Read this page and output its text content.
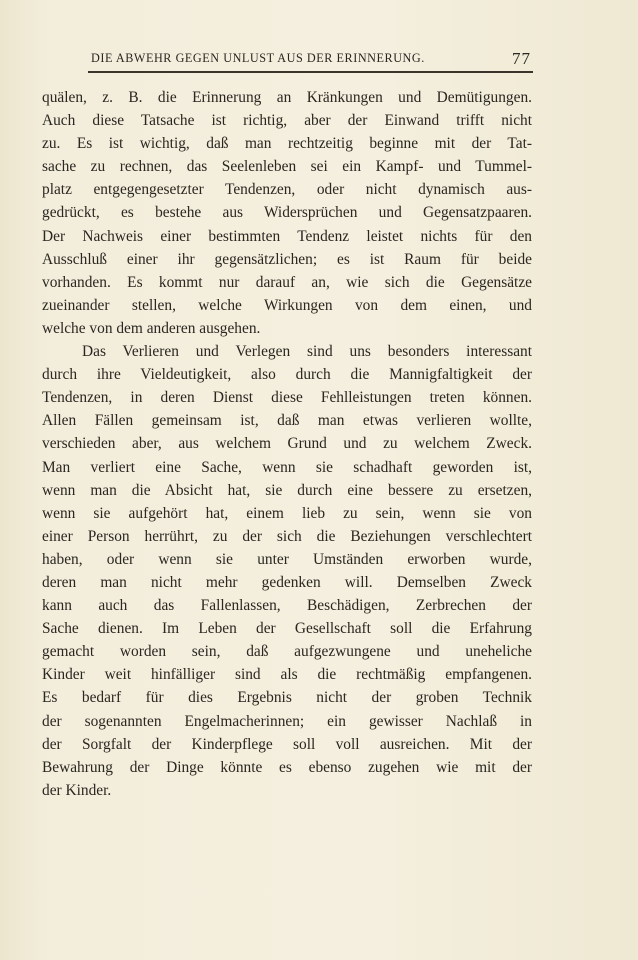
DIE ABWEHR GEGEN UNLUST AUS DER ERINNERUNG.	77
quälen, z. B. die Erinnerung an Kränkungen und Demütigungen.
Auch diese Tatsache ist richtig, aber der Einwand trifft nicht
zu. Es ist wichtig, daß man rechtzeitig beginne mit der Tat-
sache zu rechnen, das Seelenleben sei ein Kampf- und Tummel-
platz entgegengesetzter Tendenzen, oder nicht dynamisch aus-
gedrückt, es bestehe aus Widersprüchen und Gegensatzpaaren.
Der Nachweis einer bestimmten Tendenz leistet nichts für den
Ausschluß einer ihr gegensätzlichen; es ist Raum für beide
vorhanden. Es kommt nur darauf an, wie sich die Gegensätze
zueinander stellen, welche Wirkungen von dem einen, und
welche von dem anderen ausgehen.
Das Verlieren und Verlegen sind uns besonders interessant
durch ihre Vieldeutigkeit, also durch die Mannigfaltigkeit der
Tendenzen, in deren Dienst diese Fehlleistungen treten können.
Allen Fällen gemeinsam ist, daß man etwas verlieren wollte,
verschieden aber, aus welchem Grund und zu welchem Zweck.
Man verliert eine Sache, wenn sie schadhaft geworden ist,
wenn man die Absicht hat, sie durch eine bessere zu ersetzen,
wenn sie aufgehört hat, einem lieb zu sein, wenn sie von
einer Person herrührt, zu der sich die Beziehungen verschlechtert
haben, oder wenn sie unter Umständen erworben wurde,
deren man nicht mehr gedenken will. Demselben Zweck
kann auch das Fallenlassen, Beschädigen, Zerbrechen der
Sache dienen. Im Leben der Gesellschaft soll die Erfahrung
gemacht worden sein, daß aufgezwungene und uneheliche
Kinder weit hinfälliger sind als die rechtmäßig empfangenen.
Es bedarf für dies Ergebnis nicht der groben Technik
der sogenannten Engelmacherinnen; ein gewisser Nachlaß in
der Sorgfalt der Kinderpflege soll voll ausreichen. Mit der
Bewahrung der Dinge könnte es ebenso zugehen wie mit der
der Kinder.
